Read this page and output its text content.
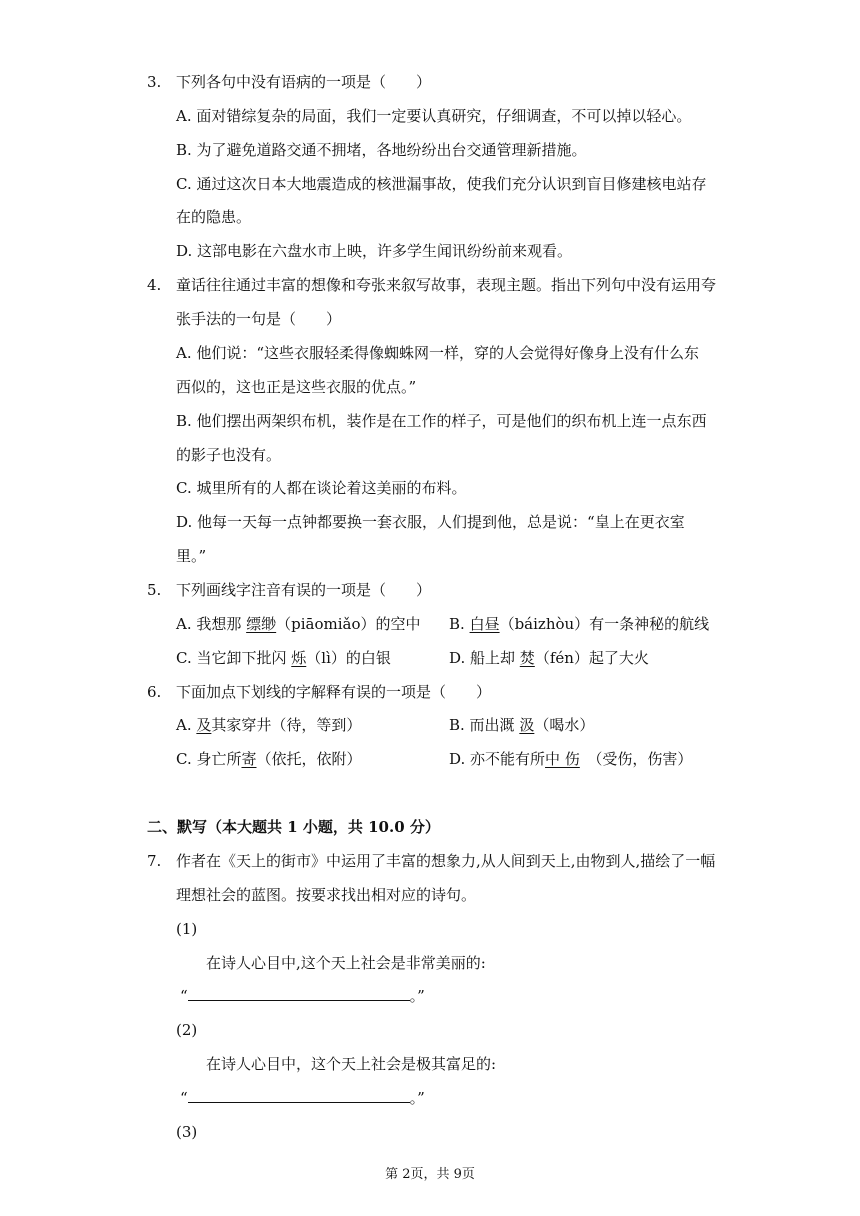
3. 下列各句中没有语病的一项是（　　）
A. 面对错综复杂的局面，我们一定要认真研究，仔细调查，不可以掉以轻心。
B. 为了避免道路交通不拥堵，各地纷纷出台交通管理新措施。
C. 通过这次日本大地震造成的核泄漏事故，使我们充分认识到盲目修建核电站存
在的隐患。
D. 这部电影在六盘水市上映，许多学生闻讯纷纷前来观看。
4. 童话往往通过丰富的想像和夸张来叙写故事，表现主题。指出下列句中没有运用夸
张手法的一句是（　　）
A. 他们说：“这些衣服轻柔得像蜘蛛网一样，穿的人会觉得好像身上没有什么东
西似的，这也正是这些衣服的优点。”
B. 他们摆出两架织布机，装作是在工作的样子，可是他们的织布机上连一点东西
的影子也没有。
C. 城里所有的人都在谈论着这美丽的布料。
D. 他每一天每一点钟都要换一套衣服，人们提到他，总是说：“皇上在更衣室
里。”
5. 下列画线字注音有误的一项是（　　）
A. 我想那 缥缈（piāomiǎo）的空中 B. 白昼（báizhòu）有一条神秘的航线
C. 当它卸下批闪 烁（lì）的白银	D. 船上却 焚（fén）起了大火
6. 下面加点下划线的字解释有误的一项是（　　）
A. 及其家穿井（待，等到）	B. 而出溉 汲（喝水）
C. 身亡所寄（依托，依附）	D. 亦不能有所中 伤　（受伤，伤害）
二、默写（本大题共 1 小题，共 10.0 分）
7. 作者在《天上的街市》中运用了丰富的想象力,从人间到天上,由物到人,描绘了一幅
理想社会的蓝图。按要求找出相对应的诗句。
(1)
在诗人心目中,这个天上社会是非常美丽的:
“	。”
(2)
在诗人心目中，这个天上社会是极其富足的:
“	。”
(3)
第 2页，共 9页
